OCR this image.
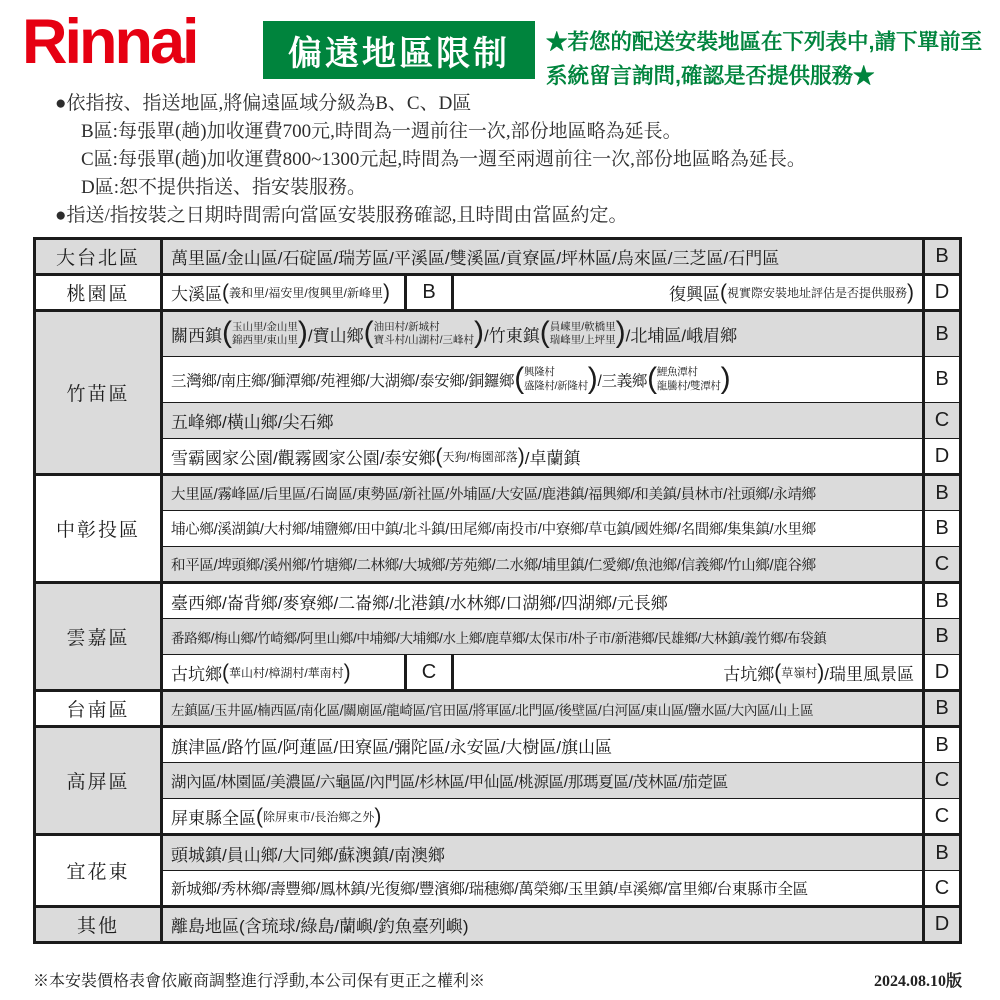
Rinnai	偏遠地區限制 ★若您的配送安裝地區在下列表中,請下單前至
系統留言詢問,確認是否提供服務★
●依指按、指送地區,將偏遠區域分級為B、C、D區
B區:每張單(趟)加收運費700元,時間為一週前往一次,部份地區略為延長。
C區:每張單(趟)加收運費800~1300元起,時間為一週至兩週前往一次,部份地區略為延長。
D區:恕不提供指送、指安裝服務。
●指送/指按裝之日期時間需向當區安裝服務確認,且時間由當區約定。
大台北區	萬里區/金山區/石碇區/瑞芳區/平溪區/雙溪區/貢寮區/坪林區/烏來區/三芝區/石門區	B
桃園區	大溪區 ( 義和里/福安里/復興里/新峰里 )	B	復興區 ( 視實際安裝地址評估是否提供服務 )	D
竹苗區	關西鎮( 玉山里/金山里
錦西里/東山里 )/寶山鄉( 油田村/新城村
寶斗村/山湖村/三峰村 )/竹東鎮( 員崠里/軟橋里
瑞峰里/上坪里 )/北埔區/峨眉鄉	B
三灣鄉/南庄鄉/獅潭鄉/苑裡鄉/大湖鄉/泰安鄉/銅鑼鄉( 興隆村
盛隆村/新隆村 )/三義鄉( 鯉魚潭村
龍騰村/雙潭村 )	B
	五峰鄉/橫山鄉/尖石鄉	C
	雪霸國家公園/觀霧國家公園/泰安鄉(天狗/梅園部落)/卓蘭鎮	D
中彰投區	大里區/霧峰區/后里區/石崗區/東勢區/新社區/外埔區/大安區/鹿港鎮/福興鄉/和美鎮/員林市/社頭鄉/永靖鄉	B
	埔心鄉/溪湖鎮/大村鄉/埔鹽鄉/田中鎮/北斗鎮/田尾鄉/南投市/中寮鄉/草屯鎮/國姓鄉/名間鄉/集集鎮/水里鄉	B
	和平區/埤頭鄉/溪州鄉/竹塘鄉/二林鄉/大城鄉/芳苑鄉/二水鄉/埔里鎮/仁愛鄉/魚池鄉/信義鄉/竹山鄉/鹿谷鄉	C
雲嘉區	臺西鄉/崙背鄉/麥寮鄉/二崙鄉/北港鎮/水林鄉/口湖鄉/四湖鄉/元長鄉	B
	番路鄉/梅山鄉/竹崎鄉/阿里山鄉/中埔鄉/大埔鄉/水上鄉/鹿草鄉/太保市/朴子市/新港鄉/民雄鄉/大林鎮/義竹鄉/布袋鎮	B

古坑鄉 ( 華山村/樟湖村/華南村 )	C	古坑鄉 ( 草嶺村 ) /瑞里風景區	D
台南區	左鎮區/玉井區/楠西區/南化區/關廟區/龍崎區/官田區/將軍區/北門區/後壁區/白河區/東山區/鹽水區/大內區/山上區	B
高屏區	旗津區/路竹區/阿蓮區/田寮區/彌陀區/永安區/大樹區/旗山區	B
	湖內區/林園區/美濃區/六龜區/內門區/杉林區/甲仙區/桃源區/那瑪夏區/茂林區/茄萣區	C
	屏東縣全區(除屏東市/長治鄉之外)	C
宜花東	頭城鎮/員山鄉/大同鄉/蘇澳鎮/南澳鄉	B
	新城鄉/秀林鄉/壽豐鄉/鳳林鎮/光復鄉/豐濱鄉/瑞穗鄉/萬榮鄉/玉里鎮/卓溪鄉/富里鄉/台東縣市全區	C
其他	離島地區(含琉球/綠島/蘭嶼/釣魚臺列嶼)	D
※本安裝價格表會依廠商調整進行浮動,本公司保有更正之權利※	2024.08.10版
